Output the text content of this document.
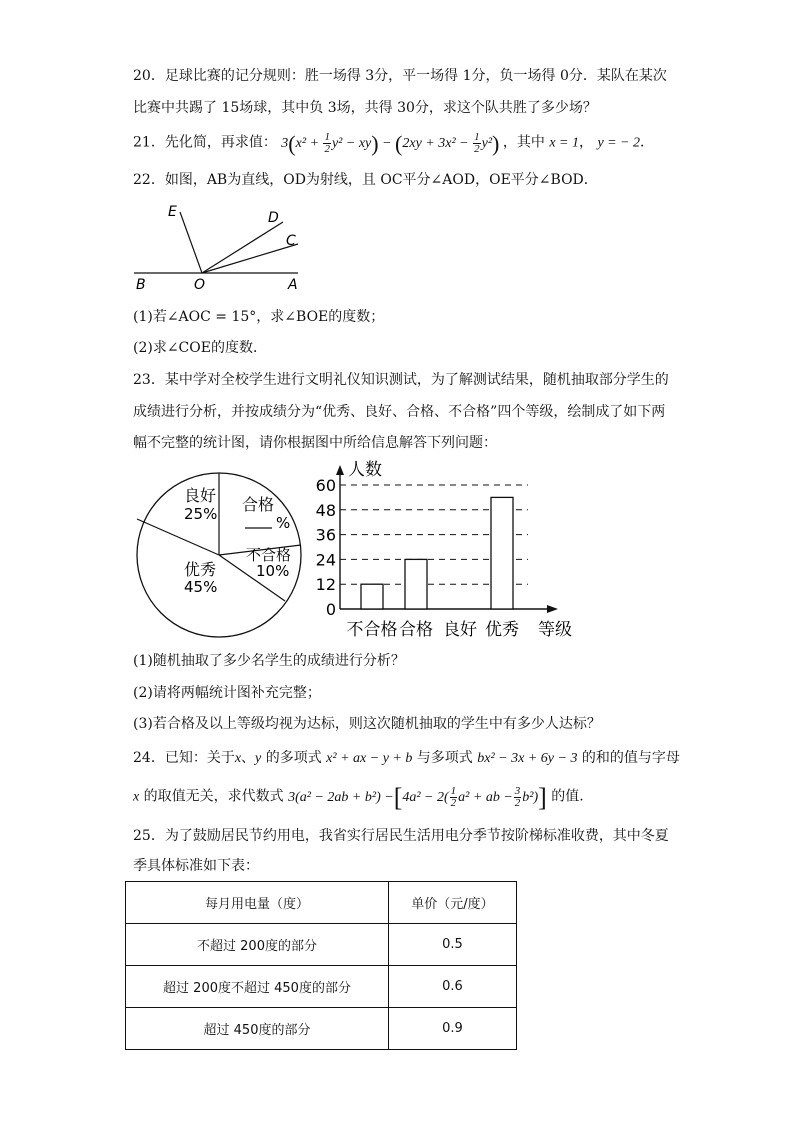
20．足球比赛的记分规则：胜一场得 3分，平一场得 1分，负一场得 0分．某队在某次
比赛中共踢了 15场球，其中负 3场，共得 30分，求这个队共胜了多少场？
21．先化简，再求值： $3(x^2 + \frac{1}{2} y^2 - xy) - (2xy + 3x^2 - \frac{1}{2} y^2)$ ，其中 x = 1， y = − 2．
22．如图，AB为直线，OD为射线，且 OC平分∠AOD，OE平分∠BOD．
E	D
C
B	O	A
(1)若∠AOC = 15°，求∠BOE的度数；
(2)求∠COE的度数．
23．某中学对全校学生进行文明礼仪知识测试，为了解测试结果，随机抽取部分学生的
成绩进行分析，并按成绩分为“优秀、良好、合格、不合格”四个等级，绘制成了如下两
幅不完整的统计图，请你根据图中所给信息解答下列问题：
良好
25% 合格
%
不合格
10%
优秀
45%
人数
等级
0
12
24
36
48
60
不合格 合格 良好 优秀
(1)随机抽取了多少名学生的成绩进行分析？
(2)请将两幅统计图补充完整；
(3)若合格及以上等级均视为达标，则这次随机抽取的学生中有多少人达标？
24．已知：关于x、y 的多项式 x² + ax − y + b 与多项式 bx² − 3x + 6y − 3 的和的值与字母
x 的取值无关，求代数式 $3(a^2 - 2ab + b^2) -[4a^2 - 2( \frac{1}{2} a^2$ + ab − $\frac{3}{2} b^2$)] 的值.
25．为了鼓励居民节约用电，我省实行居民生活用电分季节按阶梯标准收费，其中冬夏
季具体标准如下表：
每月用电量（度）	单价（元/度）
不超过 200度的部分	0.5
超过 200度不超过 450度的部分	0.6
超过 450度的部分	0.9
